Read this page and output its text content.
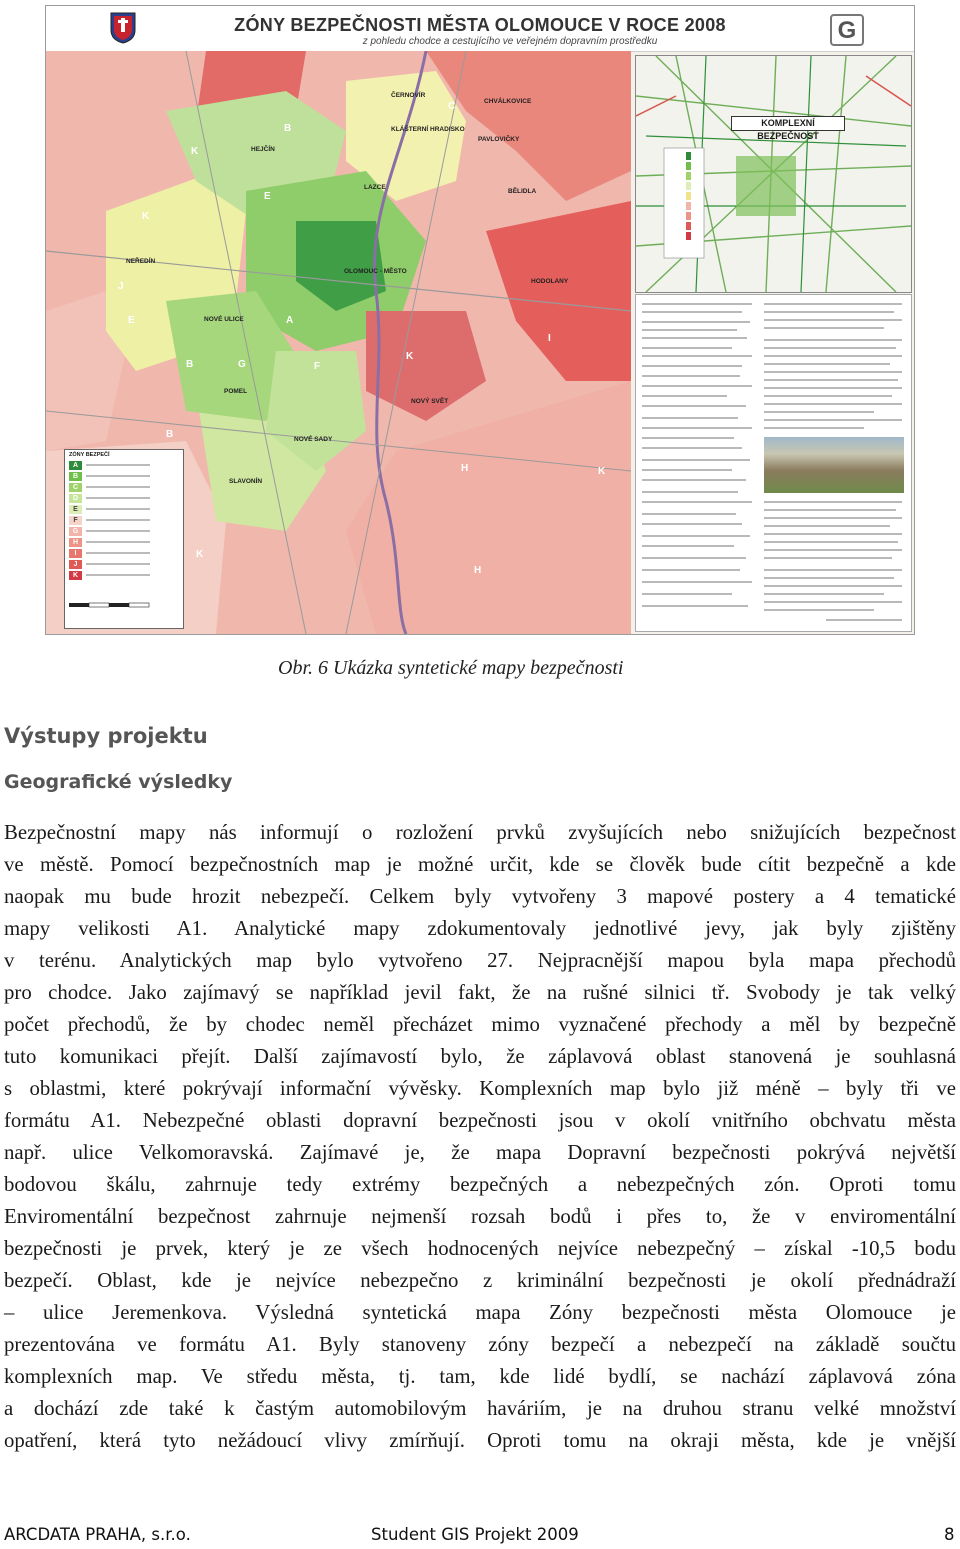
ZÓNY BEZPEČNOSTI MĚSTA OLOMOUCE V ROCE 2008
z pohledu chodce a cestujícího ve veřejném dopravním prostředku	G
ČERNOVÍR
CHVÁLKOVICE
KLÁŠTERNÍ HRADISKO
PAVLOVIČKY
HEJČÍN
LAZCE
BĚLIDLA
NEŘEDÍN
OLOMOUC - MĚSTO
HODOLANY
NOVÉ ULICE
POMEL
NOVÝ SVĚT
NOVÉ SADY
SLAVONÍN
K
B
C
E
K
J
E	A
F
B	G
K
I
H	K
B
H
K
ZÓNY BEZPEČÍ
A
B
C
D
E
F
G
H
I
J
K
KOMPLEXNÍ BEZPEČNOST
Obr. 6 Ukázka syntetické mapy bezpečnosti
Výstupy projektu
Geografické výsledky
Bezpečnostní mapy nás informují o rozložení prvků zvyšujících nebo snižujících bezpečnost
ve městě. Pomocí bezpečnostních map je možné určit, kde se člověk bude cítit bezpečně a kde
naopak mu bude hrozit nebezpečí. Celkem byly vytvořeny 3 mapové postery a 4 tematické
mapy velikosti A1. Analytické mapy zdokumentovaly jednotlivé jevy, jak byly zjištěny
v terénu. Analytických map bylo vytvořeno 27. Nejpracnější mapou byla mapa přechodů
pro chodce. Jako zajímavý se například jevil fakt, že na rušné silnici tř. Svobody je tak velký
počet přechodů, že by chodec neměl přecházet mimo vyznačené přechody a měl by bezpečně
tuto komunikaci přejít. Další zajímavostí bylo, že záplavová oblast stanovená je souhlasná
s oblastmi, které pokrývají informační vývěsky. Komplexních map bylo již méně – byly tři ve
formátu A1. Nebezpečné oblasti dopravní bezpečnosti jsou v okolí vnitřního obchvatu města
např. ulice Velkomoravská. Zajímavé je, že mapa Dopravní bezpečnosti pokrývá největší
bodovou škálu, zahrnuje tedy extrémy bezpečných a nebezpečných zón. Oproti tomu
Enviromentální bezpečnost zahrnuje nejmenší rozsah bodů i přes to, že v enviromentální
bezpečnosti je prvek, který je ze všech hodnocených nejvíce nebezpečný – získal -10,5 bodu
bezpečí. Oblast, kde je nejvíce nebezpečno z kriminální bezpečnosti je okolí přednádraží
– ulice Jeremenkova. Výsledná syntetická mapa Zóny bezpečnosti města Olomouce je
prezentována ve formátu A1. Byly stanoveny zóny bezpečí a nebezpečí na základě součtu
komplexních map. Ve středu města, tj. tam, kde lidé bydlí, se nachází záplavová zóna
a dochází zde také k častým automobilovým haváriím, je na druhou stranu velké množství
opatření, která tyto nežádoucí vlivy zmírňují. Oproti tomu na okraji města, kde je vnější
ARCDATA PRAHA, s.r.o.	Student GIS Projekt 2009	8
